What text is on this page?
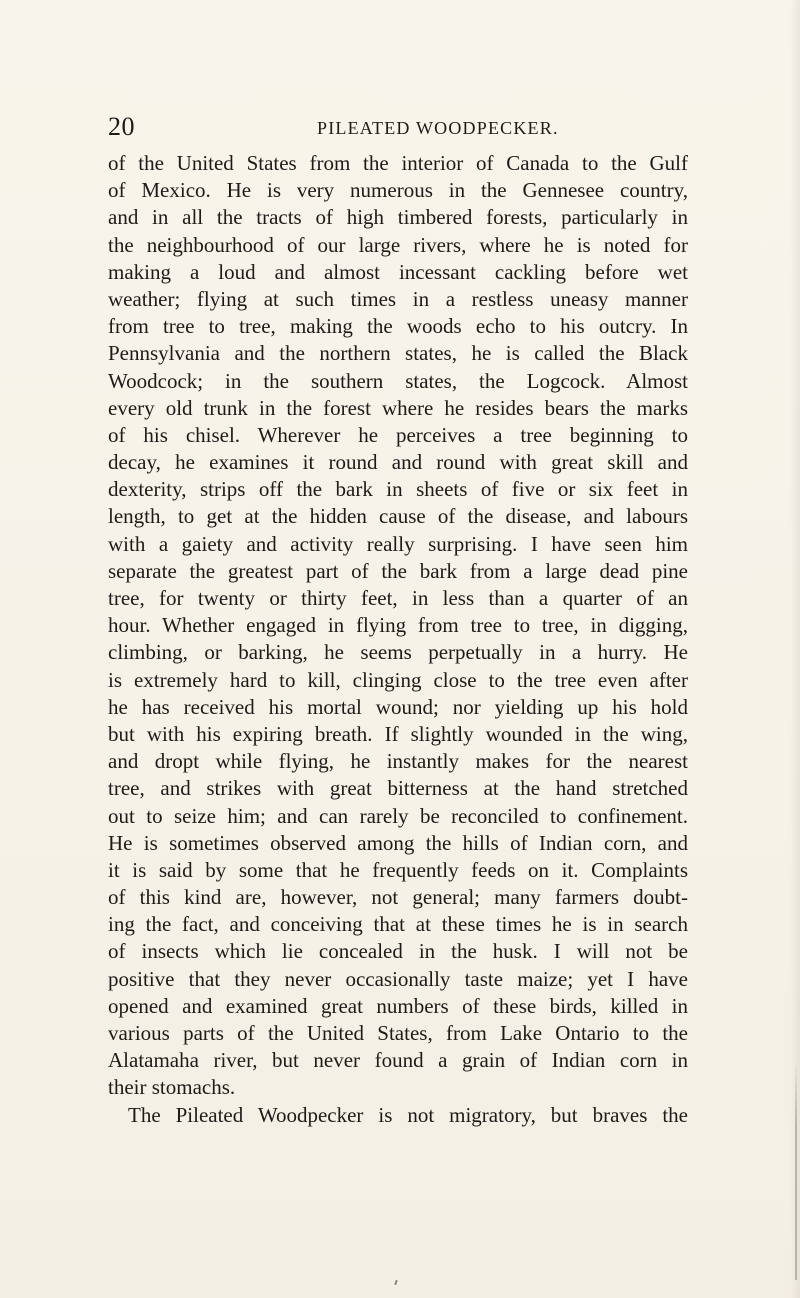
20	PILEATED WOODPECKER.
of the United States from the interior of Canada to the Gulf
of Mexico. He is very numerous in the Gennesee country,
and in all the tracts of high timbered forests, particularly in
the neighbourhood of our large rivers, where he is noted for
making a loud and almost incessant cackling before wet
weather; flying at such times in a restless uneasy manner
from tree to tree, making the woods echo to his outcry. In
Pennsylvania and the northern states, he is called the Black
Woodcock; in the southern states, the Logcock. Almost
every old trunk in the forest where he resides bears the marks
of his chisel. Wherever he perceives a tree beginning to
decay, he examines it round and round with great skill and
dexterity, strips off the bark in sheets of five or six feet in
length, to get at the hidden cause of the disease, and labours
with a gaiety and activity really surprising. I have seen him
separate the greatest part of the bark from a large dead pine
tree, for twenty or thirty feet, in less than a quarter of an
hour. Whether engaged in flying from tree to tree, in digging,
climbing, or barking, he seems perpetually in a hurry. He
is extremely hard to kill, clinging close to the tree even after
he has received his mortal wound; nor yielding up his hold
but with his expiring breath. If slightly wounded in the wing,
and dropt while flying, he instantly makes for the nearest
tree, and strikes with great bitterness at the hand stretched
out to seize him; and can rarely be reconciled to confinement.
He is sometimes observed among the hills of Indian corn, and
it is said by some that he frequently feeds on it. Complaints
of this kind are, however, not general; many farmers doubt-
ing the fact, and conceiving that at these times he is in search
of insects which lie concealed in the husk. I will not be
positive that they never occasionally taste maize; yet I have
opened and examined great numbers of these birds, killed in
various parts of the United States, from Lake Ontario to the
Alatamaha river, but never found a grain of Indian corn in
their stomachs.
The Pileated Woodpecker is not migratory, but braves the
